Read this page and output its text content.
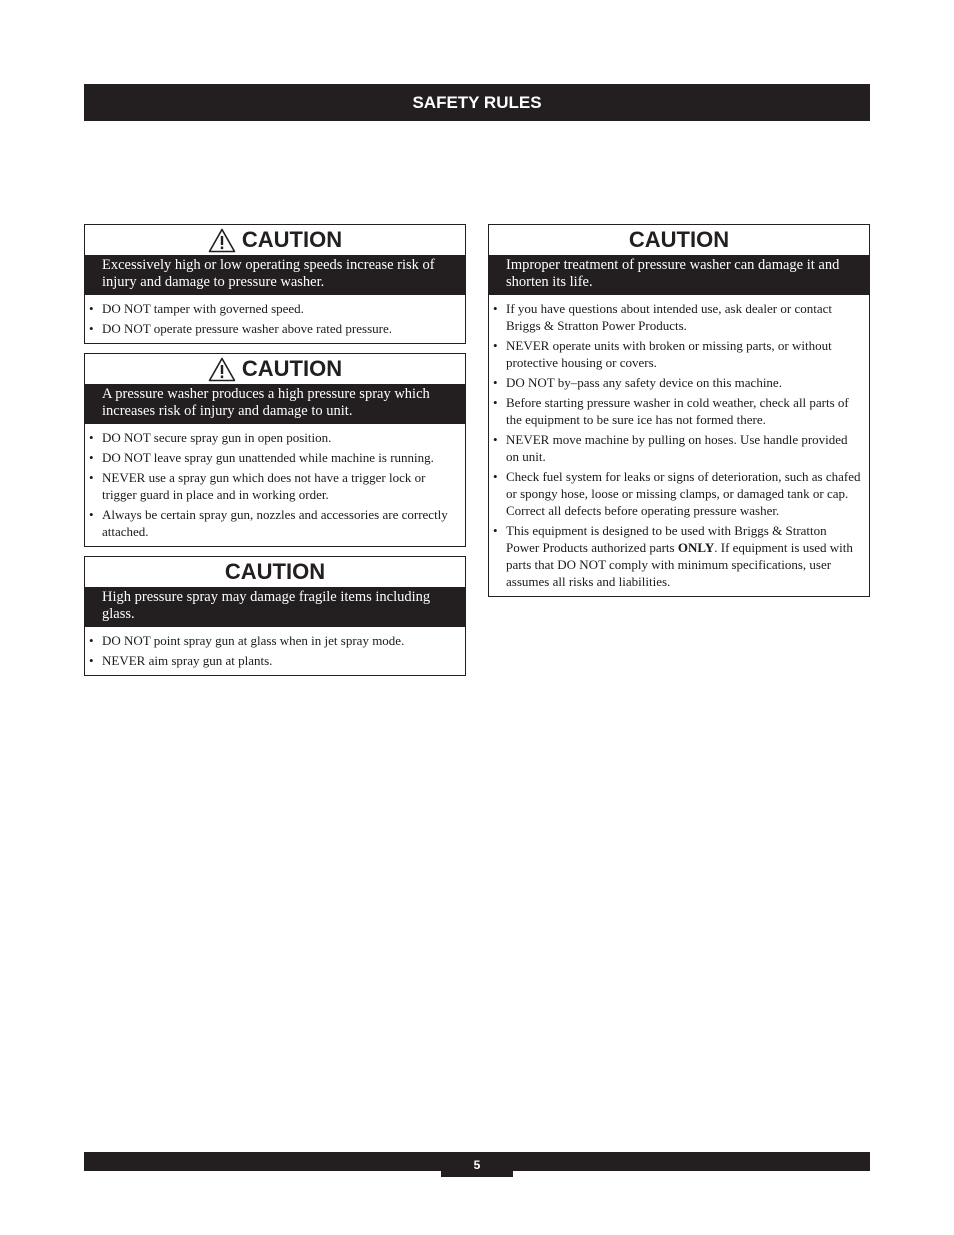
SAFETY RULES
CAUTION
Excessively high or low operating speeds increase risk of injury and damage to pressure washer.
• DO NOT tamper with governed speed.
• DO NOT operate pressure washer above rated pressure.
CAUTION
A pressure washer produces a high pressure spray which increases risk of injury and damage to unit.
• DO NOT secure spray gun in open position.
• DO NOT leave spray gun unattended while machine is running.
• NEVER use a spray gun which does not have a trigger lock or trigger guard in place and in working order.
• Always be certain spray gun, nozzles and accessories are correctly attached.
CAUTION
High pressure spray may damage fragile items including glass.
• DO NOT point spray gun at glass when in jet spray mode.
• NEVER aim spray gun at plants.
CAUTION
Improper treatment of pressure washer can damage it and shorten its life.
• If you have questions about intended use, ask dealer or contact Briggs & Stratton Power Products.
• NEVER operate units with broken or missing parts, or without protective housing or covers.
• DO NOT by–pass any safety device on this machine.
• Before starting pressure washer in cold weather, check all parts of the equipment to be sure ice has not formed there.
• NEVER move machine by pulling on hoses. Use handle provided on unit.
• Check fuel system for leaks or signs of deterioration, such as chafed or spongy hose, loose or missing clamps, or damaged tank or cap. Correct all defects before operating pressure washer.
• This equipment is designed to be used with Briggs & Stratton Power Products authorized parts ONLY. If equipment is used with parts that DO NOT comply with minimum specifications, user assumes all risks and liabilities.
5
